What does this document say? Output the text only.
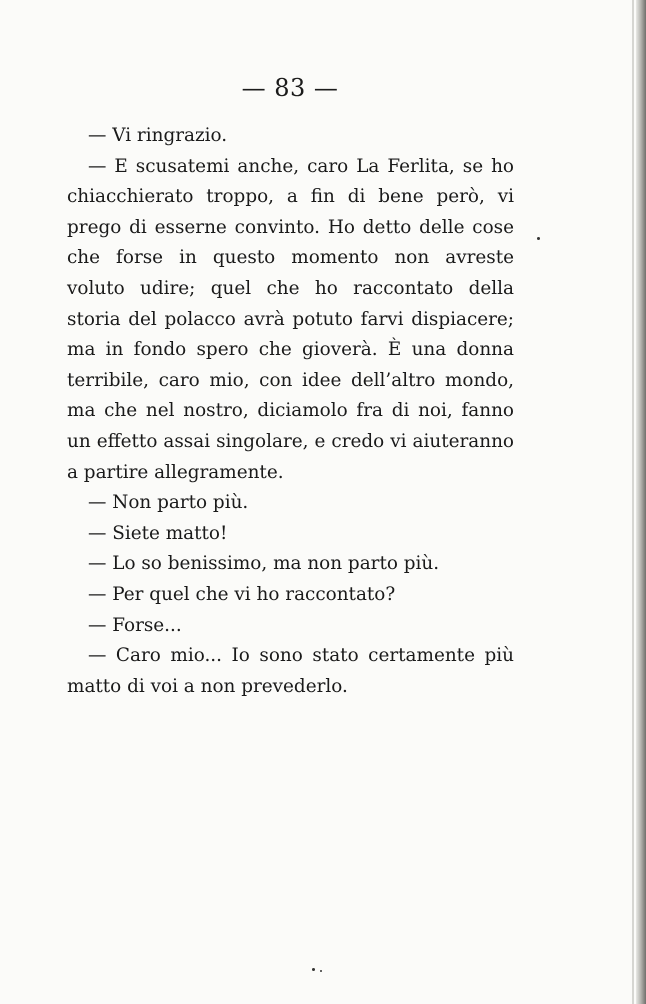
— 83 —

— Vi ringrazio.

— E scusatemi anche, caro La Ferlita, se ho chiacchierato troppo, a fin di bene però, vi prego di esserne convinto. Ho detto delle cose che forse in questo momento non avreste voluto udire; quel che ho raccontato della storia del polacco avrà potuto farvi dispiacere; ma in fondo spero che gioverà. È una donna terribile, caro mio, con idee dell’altro mondo, ma che nel nostro, diciamolo fra di noi, fanno un effetto assai singolare, e credo vi aiuteranno a partire allegramente.

— Non parto più.

— Siete matto!

— Lo so benissimo, ma non parto più.

— Per quel che vi ho raccontato?

— Forse...

— Caro mio... Io sono stato certamente più matto di voi a non prevederlo.
